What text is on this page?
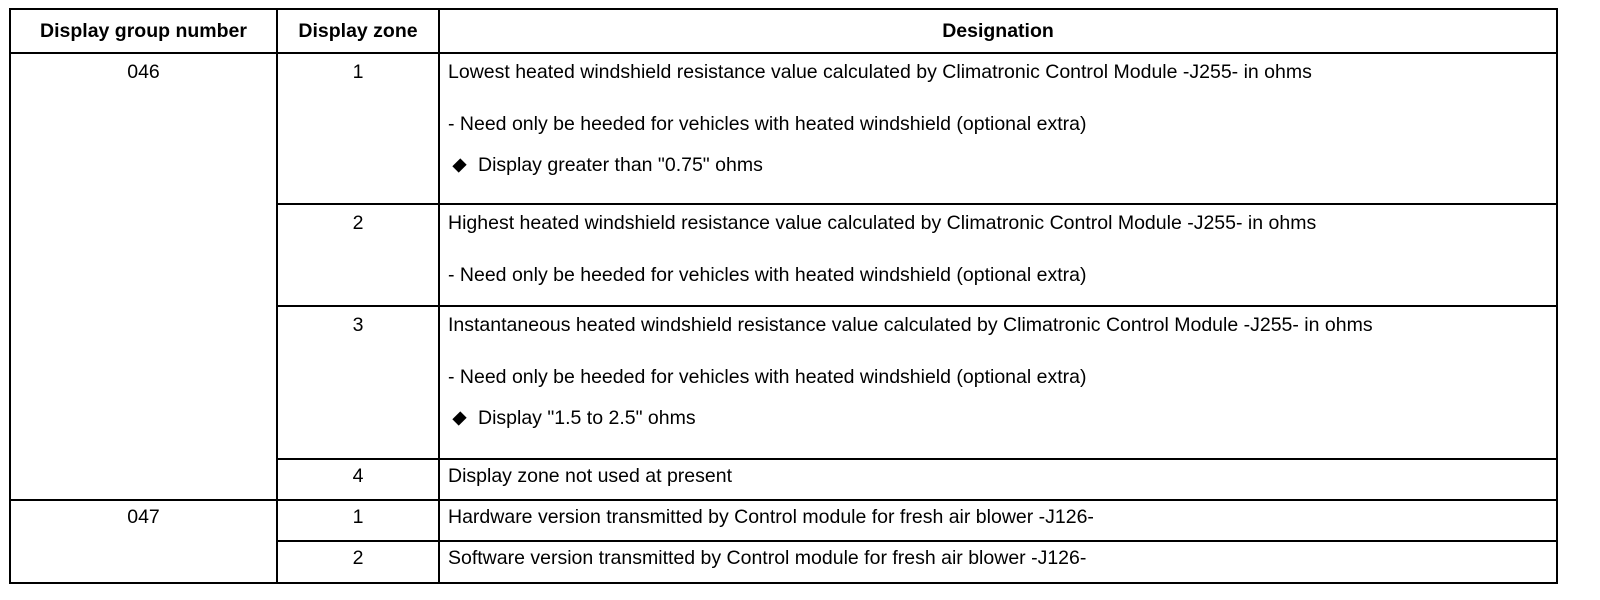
Display group number	Display zone	Designation
046	1	Lowest heated windshield resistance value calculated by Climatronic Control Module -J255- in ohms
- Need only be heeded for vehicles with heated windshield (optional extra)
Display greater than "0.75" ohms

	2	Highest heated windshield resistance value calculated by Climatronic Control Module -J255- in ohms
- Need only be heeded for vehicles with heated windshield (optional extra)

	3	Instantaneous heated windshield resistance value calculated by Climatronic Control Module -J255- in ohms
- Need only be heeded for vehicles with heated windshield (optional extra)
Display "1.5 to 2.5" ohms

	4	Display zone not used at present

047	1	Hardware version transmitted by Control module for fresh air blower -J126-

	2	Software version transmitted by Control module for fresh air blower -J126-
